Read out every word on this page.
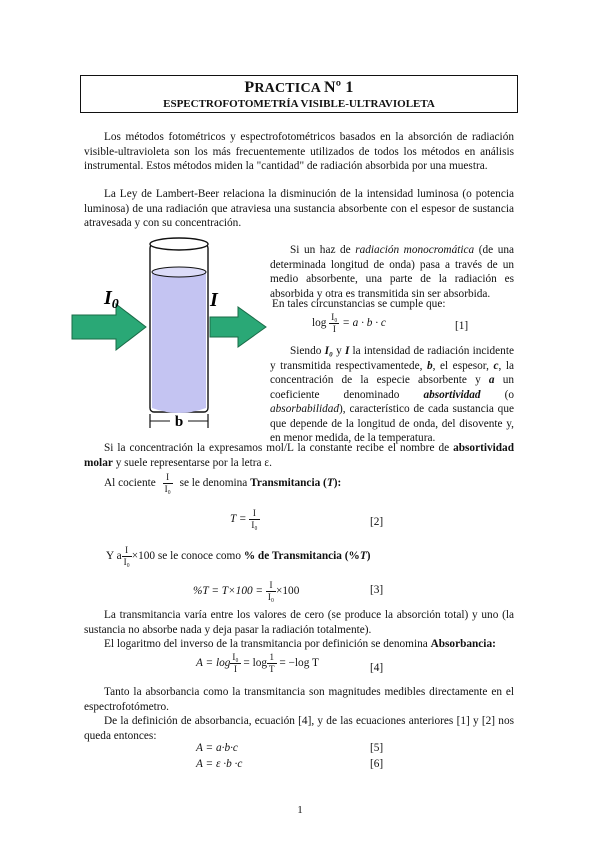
PRACTICA Nº 1
ESPECTROFOTOMETRÍA VISIBLE-ULTRAVIOLETA
Los métodos fotométricos y espectrofotométricos basados en la absorción de radiación visible-ultravioleta son los más frecuentemente utilizados de todos los métodos en análisis instrumental. Estos métodos miden la "cantidad" de radiación absorbida por una muestra.
La Ley de Lambert-Beer relaciona la disminución de la intensidad luminosa (o potencia luminosa) de una radiación que atraviesa una sustancia absorbente con el espesor de sustancia atravesada y con su concentración.
$I_0$	I
b
Si un haz de radiación monocromática (de una determinada longitud de onda) pasa a través de un medio absorbente, una parte de la radiación es absorbida y otra es transmitida sin ser absorbida.
En tales circunstancias se cumple que:
$\log \frac{\text{I₀}}{I} = a \cdot b \cdot c$	[1]
Siendo I₀ y I la intensidad de radiación incidente y transmitida respectivamentede, b, el espesor, c, la concentración de la especie absorbente y a un coeficiente denominado absortividad (o absorbabilidad), característico de cada sustancia que que depende de la longitud de onda, del disovente y, en menor medida, de la temperatura.
Si la concentración la expresamos mol/L la constante recibe el nombre de absortividad molar y suele representarse por la letra ε.
Al cociente $\frac{I}{\text{I₀}}$ se le denomina Transmitancia (T):
$T = \frac{I}{\text{I₀}}$	[2]
Y a $\frac{I}{\text{I₀}} \times 100$ se le conoce como % de Transmitancia (%T)
$\%T = T\times 100 = \frac{I}{\text{I₀}} \times 100$	[3]
La transmitancia varía entre los valores de cero (se produce la absorción total) y uno (la sustancia no absorbe nada y deja pasar la radiación totalmente).
El logaritmo del inverso de la transmitancia por definición se denomina Absorbancia:
$A = \log \frac{\text{I₀}}{I} = \log \frac{1}{T} = -\log$ T	[4]
Tanto la absorbancia como la transmitancia son magnitudes medibles directamente en el espectrofotómetro.
De la definición de absorbancia, ecuación [4], y de las ecuaciones anteriores [1] y [2] nos queda entonces:
A = a·b·c	[5]
A = ε ·b ·c	[6]
1
